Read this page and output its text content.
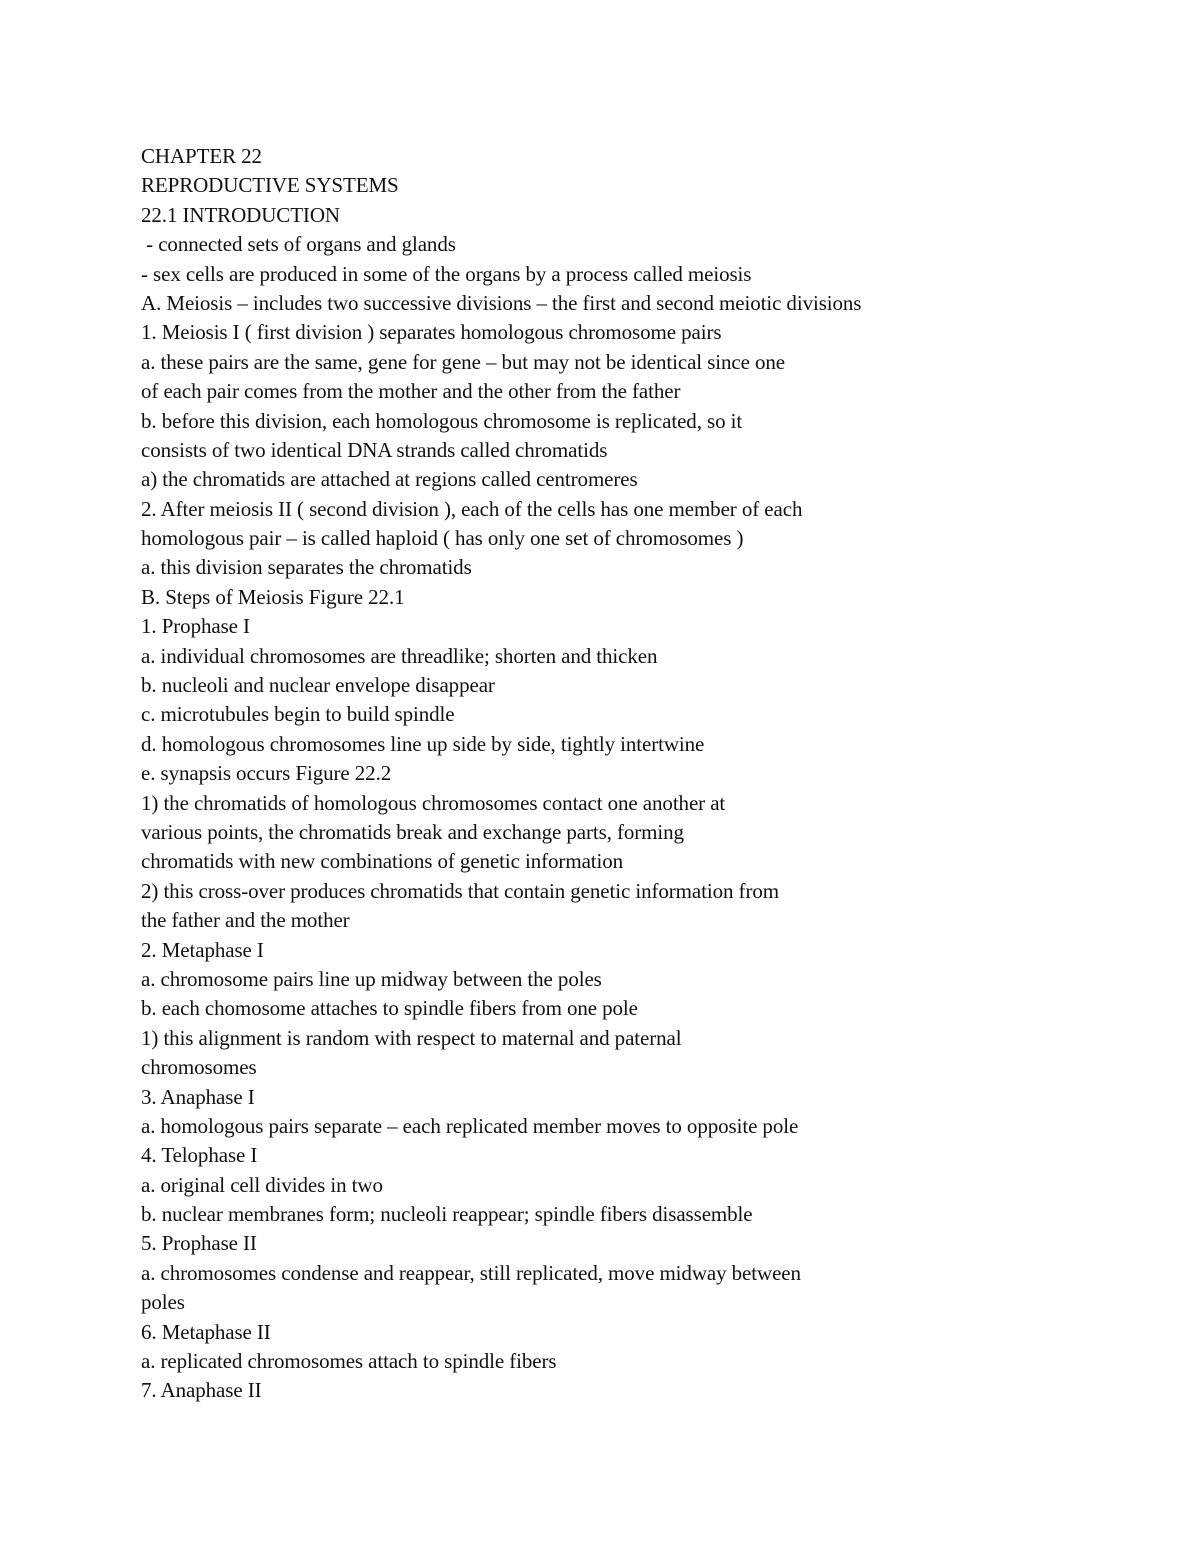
CHAPTER 22
REPRODUCTIVE SYSTEMS
22.1 INTRODUCTION
- connected sets of organs and glands
- sex cells are produced in some of the organs by a process called meiosis
A. Meiosis – includes two successive divisions – the first and second meiotic divisions
1. Meiosis I ( first division ) separates homologous chromosome pairs
a. these pairs are the same, gene for gene – but may not be identical since one
of each pair comes from the mother and the other from the father
b. before this division, each homologous chromosome is replicated, so it
consists of two identical DNA strands called chromatids
a) the chromatids are attached at regions called centromeres
2. After meiosis II ( second division ), each of the cells has one member of each
homologous pair – is called haploid ( has only one set of chromosomes )
a. this division separates the chromatids
B. Steps of Meiosis Figure 22.1
1. Prophase I
a. individual chromosomes are threadlike; shorten and thicken
b. nucleoli and nuclear envelope disappear
c. microtubules begin to build spindle
d. homologous chromosomes line up side by side, tightly intertwine
e. synapsis occurs Figure 22.2
1) the chromatids of homologous chromosomes contact one another at
various points, the chromatids break and exchange parts, forming
chromatids with new combinations of genetic information
2) this cross-over produces chromatids that contain genetic information from
the father and the mother
2. Metaphase I
a. chromosome pairs line up midway between the poles
b. each chomosome attaches to spindle fibers from one pole
1) this alignment is random with respect to maternal and paternal
chromosomes
3. Anaphase I
a. homologous pairs separate – each replicated member moves to opposite pole
4. Telophase I
a. original cell divides in two
b. nuclear membranes form; nucleoli reappear; spindle fibers disassemble
5. Prophase II
a. chromosomes condense and reappear, still replicated, move midway between
poles
6. Metaphase II
a. replicated chromosomes attach to spindle fibers
7. Anaphase II
